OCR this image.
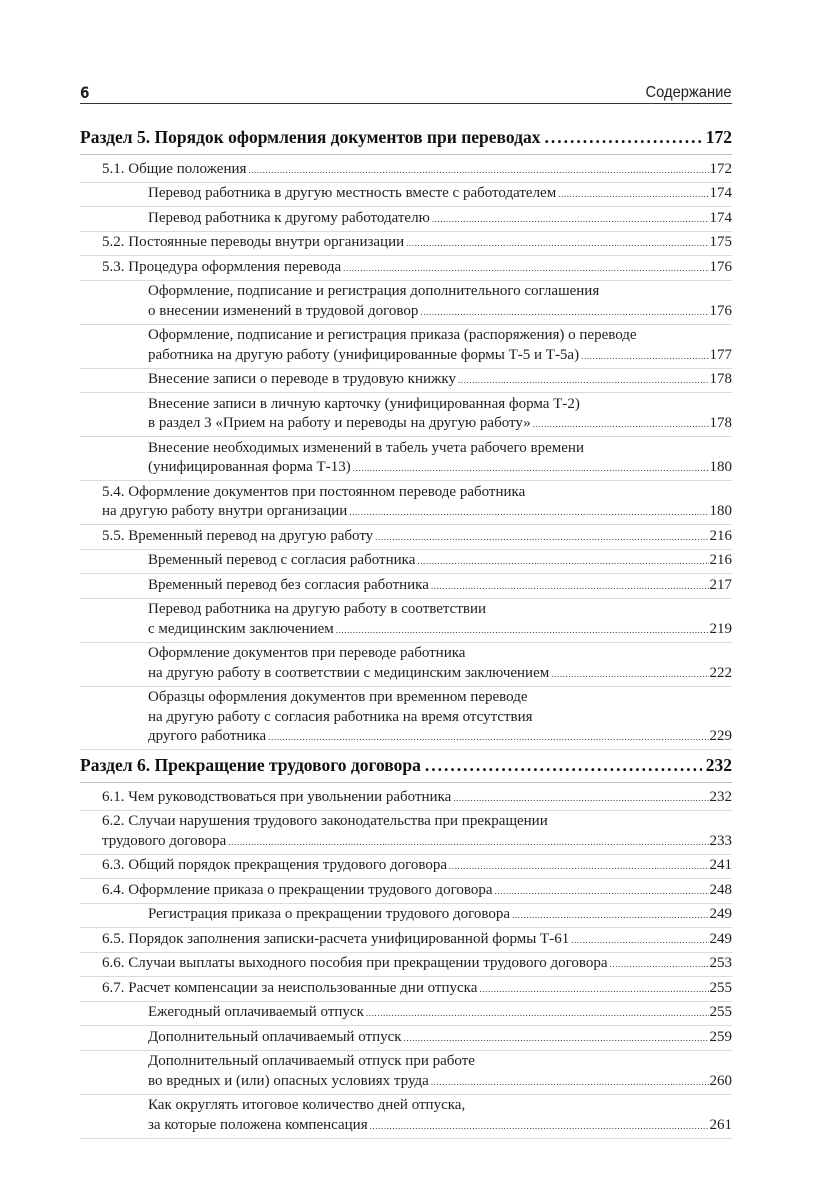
6	Содержание
Раздел 5. Порядок оформления документов при переводах .....	172
5.1. Общие положения .....	172
Перевод работника в другую местность вместе с работодателем .....	174
Перевод работника к другому работодателю .....	174
5.2. Постоянные переводы внутри организации .....	175
5.3. Процедура оформления перевода .....	176
Оформление, подписание и регистрация дополнительного соглашения
о внесении изменений в трудовой договор .....	176
Оформление, подписание и регистрация приказа (распоряжения) о переводе
работника на другую работу (унифицированные формы Т-5 и Т-5а) .....	177
Внесение записи о переводе в трудовую книжку .....	178
Внесение записи в личную карточку (унифицированная форма Т-2)
в раздел 3 «Прием на работу и переводы на другую работу» .....	178
Внесение необходимых изменений в табель учета рабочего времени
(унифицированная форма Т-13) .....	180
5.4. Оформление документов при постоянном переводе работника
на другую работу внутри организации .....	180
5.5. Временный перевод на другую работу .....	216
Временный перевод с согласия работника .....	216
Временный перевод без согласия работника .....	217
Перевод работника на другую работу в соответствии
с медицинским заключением .....	219
Оформление документов при переводе работника
на другую работу в соответствии с медицинским заключением .....	222
Образцы оформления документов при временном переводе
на другую работу с согласия работника на время отсутствия
другого работника .....	229
Раздел 6. Прекращение трудового договора .....	232
6.1. Чем руководствоваться при увольнении работника .....	232
6.2. Случаи нарушения трудового законодательства при прекращении
трудового договора .....	233
6.3. Общий порядок прекращения трудового договора .....	241
6.4. Оформление приказа о прекращении трудового договора .....	248
Регистрация приказа о прекращении трудового договора .....	249
6.5. Порядок заполнения записки-расчета унифицированной формы Т-61 .....	249
6.6. Случаи выплаты выходного пособия при прекращении трудового договора .....	253
6.7. Расчет компенсации за неиспользованные дни отпуска .....	255
Ежегодный оплачиваемый отпуск .....	255
Дополнительный оплачиваемый отпуск .....	259
Дополнительный оплачиваемый отпуск при работе
во вредных и (или) опасных условиях труда .....	260
Как округлять итоговое количество дней отпуска,
за которые положена компенсация .....	261
